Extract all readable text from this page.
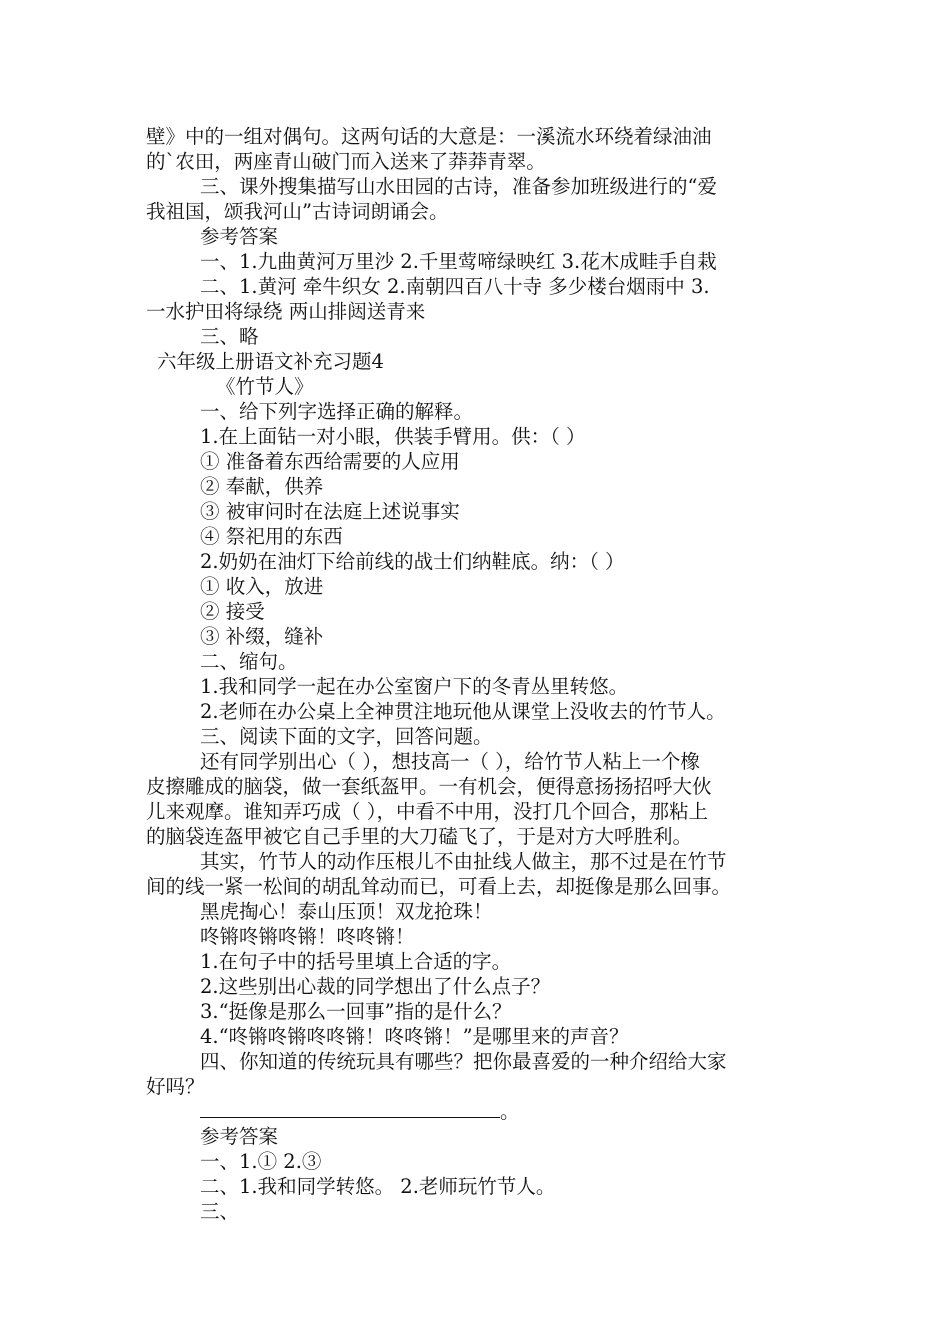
壁》中的一组对偶句。这两句话的大意是：一溪流水环绕着绿油油
的`农田，两座青山破门而入送来了莽莽青翠。
三、课外搜集描写山水田园的古诗，准备参加班级进行的“爱
我祖国，颂我河山”古诗词朗诵会。
参考答案
一、1.九曲黄河万里沙 2.千里莺啼绿映红 3.花木成畦手自栽
二、1.黄河 牵牛织女 2.南朝四百八十寺 多少楼台烟雨中 3.
一水护田将绿绕 两山排闼送青来
三、略
六年级上册语文补充习题4
《竹节人》
一、给下列字选择正确的解释。
1.在上面钻一对小眼，供装手臂用。供：（ ）
① 准备着东西给需要的人应用
② 奉献，供养
③ 被审问时在法庭上述说事实
④ 祭祀用的东西
2.奶奶在油灯下给前线的战士们纳鞋底。纳：（ ）
① 收入，放进
② 接受
③ 补缀，缝补
二、缩句。
1.我和同学一起在办公室窗户下的冬青丛里转悠。
2.老师在办公桌上全神贯注地玩他从课堂上没收去的竹节人。
三、阅读下面的文字，回答问题。
还有同学别出心（ ），想技高一（ ），给竹节人粘上一个橡
皮擦雕成的脑袋，做一套纸盔甲。一有机会，便得意扬扬招呼大伙
儿来观摩。谁知弄巧成（ ），中看不中用，没打几个回合，那粘上
的脑袋连盔甲被它自己手里的大刀磕飞了，于是对方大呼胜利。
其实，竹节人的动作压根儿不由扯线人做主，那不过是在竹节
间的线一紧一松间的胡乱耸动而已，可看上去，却挺像是那么回事。
黑虎掏心！泰山压顶！双龙抢珠！
咚锵咚锵咚锵！咚咚锵！
1.在句子中的括号里填上合适的字。
2.这些别出心裁的同学想出了什么点子？
3.“挺像是那么一回事”指的是什么？
4.“咚锵咚锵咚咚锵！咚咚锵！”是哪里来的声音？
四、你知道的传统玩具有哪些？把你最喜爱的一种介绍给大家
好吗？
。
参考答案
一、1.① 2.③
二、1.我和同学转悠。 2.老师玩竹节人。
三、
